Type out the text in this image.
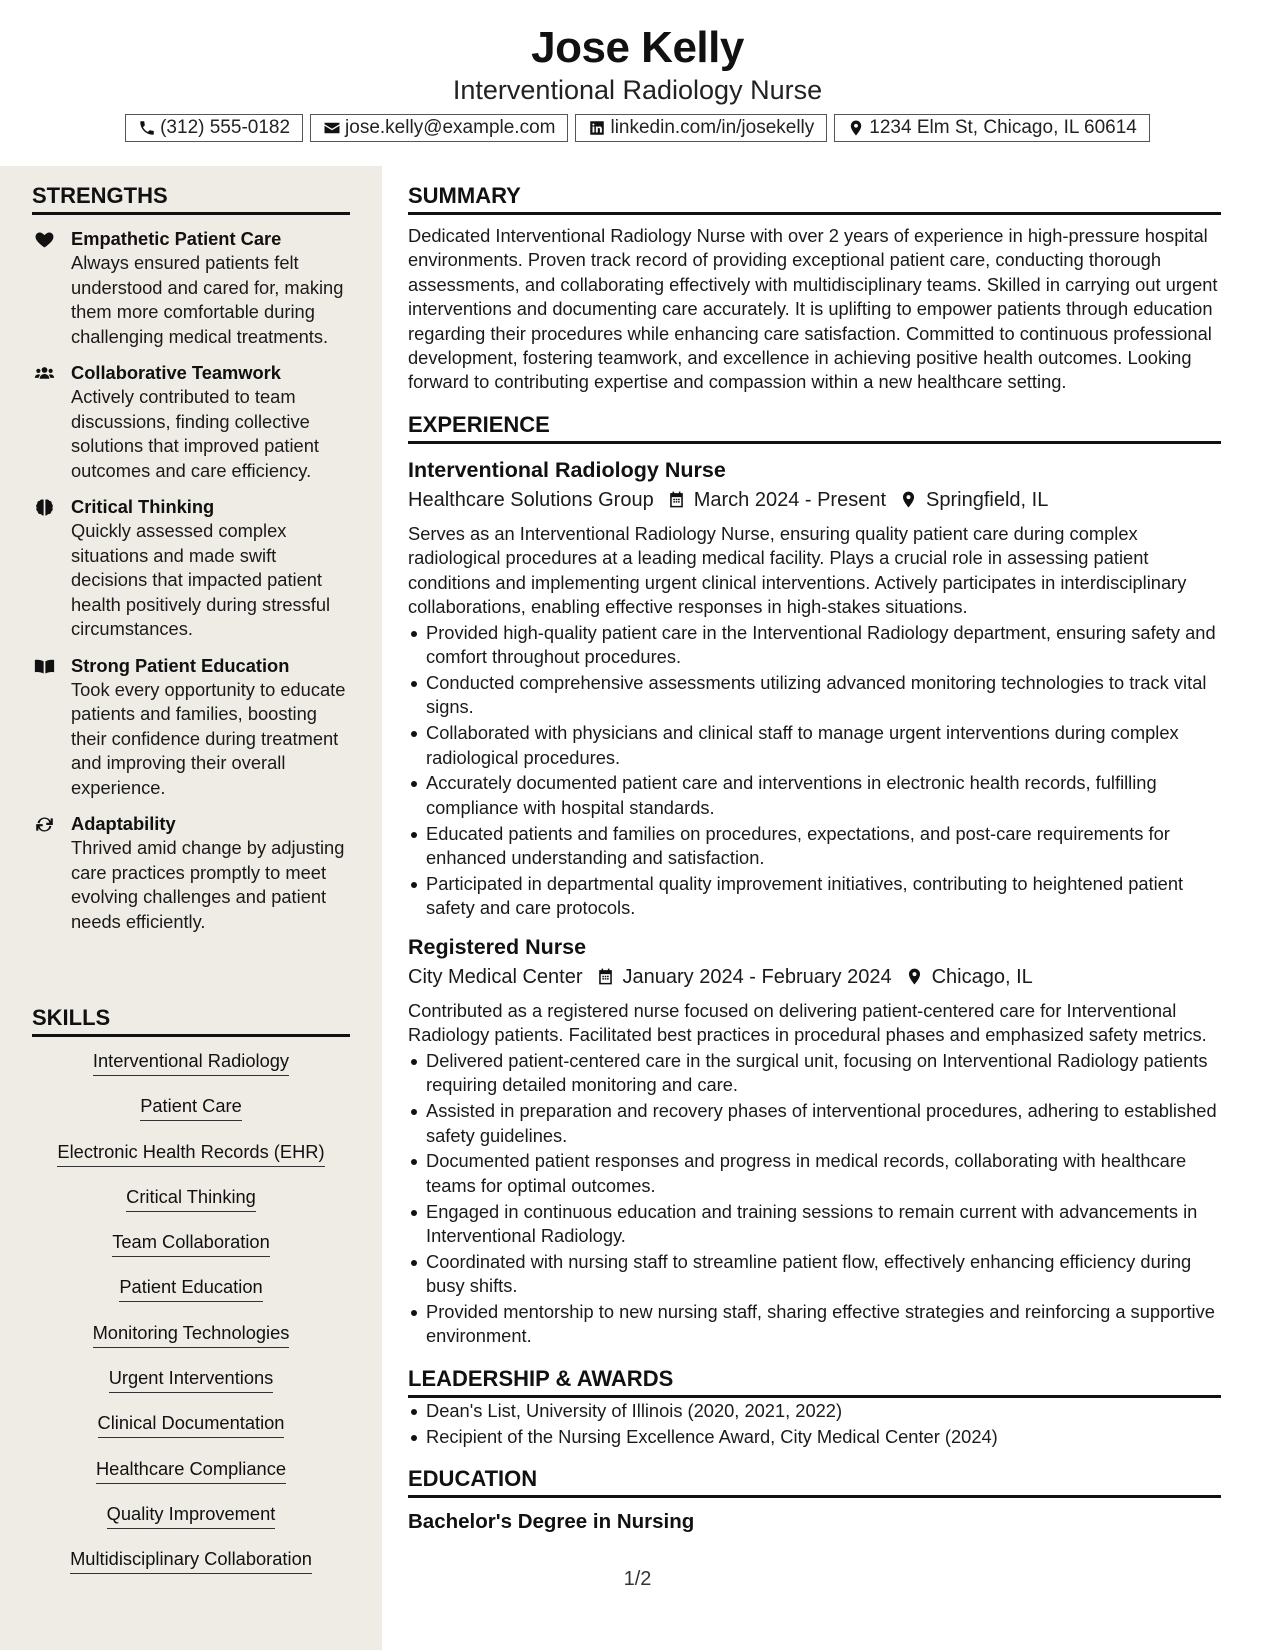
Jose Kelly
Interventional Radiology Nurse
(312) 555-0182	jose.kelly@example.com	linkedin.com/in/josekelly	1234 Elm St, Chicago, IL 60614
STRENGTHS
Empathetic Patient Care
Always ensured patients felt understood and cared for, making them more comfortable during challenging medical treatments.
Collaborative Teamwork
Actively contributed to team discussions, finding collective solutions that improved patient outcomes and care efficiency.
Critical Thinking
Quickly assessed complex situations and made swift decisions that impacted patient health positively during stressful circumstances.
Strong Patient Education
Took every opportunity to educate patients and families, boosting their confidence during treatment and improving their overall experience.
Adaptability
Thrived amid change by adjusting care practices promptly to meet evolving challenges and patient needs efficiently.
SKILLS
Interventional Radiology
Patient Care
Electronic Health Records (EHR)
Critical Thinking
Team Collaboration
Patient Education
Monitoring Technologies
Urgent Interventions
Clinical Documentation
Healthcare Compliance
Quality Improvement
Multidisciplinary Collaboration
SUMMARY
Dedicated Interventional Radiology Nurse with over 2 years of experience in high-pressure hospital environments. Proven track record of providing exceptional patient care, conducting thorough assessments, and collaborating effectively with multidisciplinary teams. Skilled in carrying out urgent interventions and documenting care accurately. It is uplifting to empower patients through education regarding their procedures while enhancing care satisfaction. Committed to continuous professional development, fostering teamwork, and excellence in achieving positive health outcomes. Looking forward to contributing expertise and compassion within a new healthcare setting.
EXPERIENCE
Interventional Radiology Nurse
Healthcare Solutions Group March 2024 - Present Springfield, IL
Serves as an Interventional Radiology Nurse, ensuring quality patient care during complex radiological procedures at a leading medical facility. Plays a crucial role in assessing patient conditions and implementing urgent clinical interventions. Actively participates in interdisciplinary collaborations, enabling effective responses in high-stakes situations.
Provided high-quality patient care in the Interventional Radiology department, ensuring safety and comfort throughout procedures.
Conducted comprehensive assessments utilizing advanced monitoring technologies to track vital signs.
Collaborated with physicians and clinical staff to manage urgent interventions during complex radiological procedures.
Accurately documented patient care and interventions in electronic health records, fulfilling compliance with hospital standards.
Educated patients and families on procedures, expectations, and post-care requirements for enhanced understanding and satisfaction.
Participated in departmental quality improvement initiatives, contributing to heightened patient safety and care protocols.
Registered Nurse
City Medical Center January 2024 - February 2024 Chicago, IL
Contributed as a registered nurse focused on delivering patient-centered care for Interventional Radiology patients. Facilitated best practices in procedural phases and emphasized safety metrics.
Delivered patient-centered care in the surgical unit, focusing on Interventional Radiology patients requiring detailed monitoring and care.
Assisted in preparation and recovery phases of interventional procedures, adhering to established safety guidelines.
Documented patient responses and progress in medical records, collaborating with healthcare teams for optimal outcomes.
Engaged in continuous education and training sessions to remain current with advancements in Interventional Radiology.
Coordinated with nursing staff to streamline patient flow, effectively enhancing efficiency during busy shifts.
Provided mentorship to new nursing staff, sharing effective strategies and reinforcing a supportive environment.
LEADERSHIP & AWARDS
Dean's List, University of Illinois (2020, 2021, 2022)
Recipient of the Nursing Excellence Award, City Medical Center (2024)
EDUCATION
Bachelor's Degree in Nursing
1/2
